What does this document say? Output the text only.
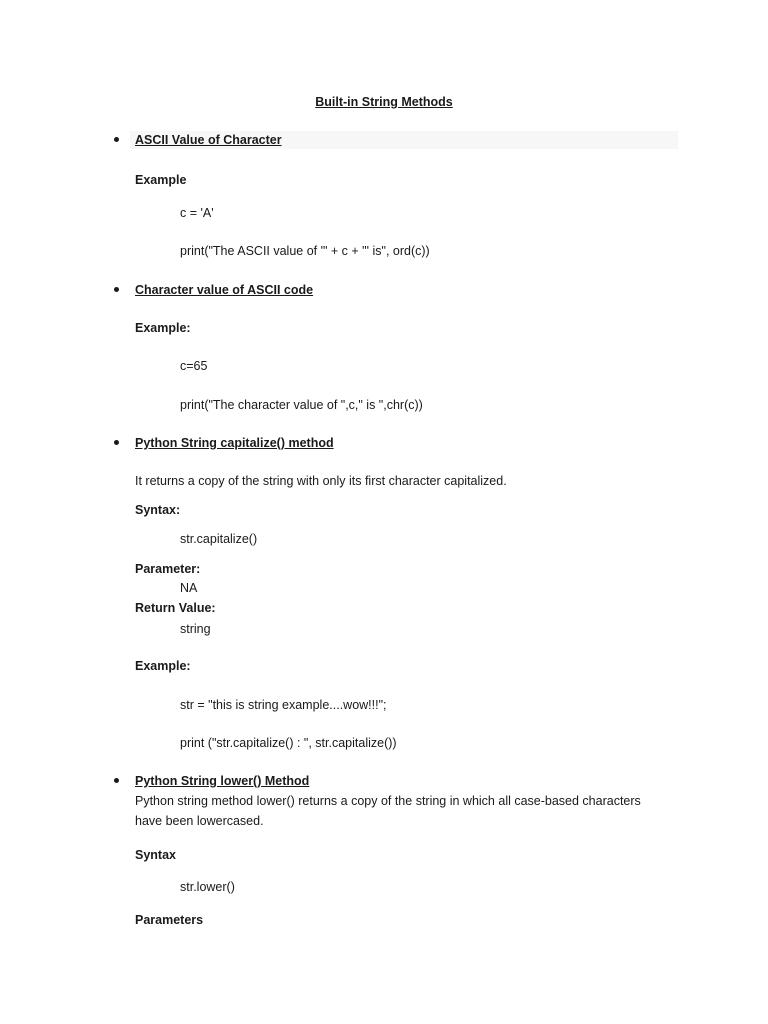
Built-in String Methods
ASCII Value of Character
Example
c = 'A'
print("The ASCII value of '" + c + "' is", ord(c))
Character value of ASCII code
Example:
c=65
print("The character value of ",c," is ",chr(c))
Python String capitalize() method
It returns a copy of the string with only its first character capitalized.
Syntax:
str.capitalize()
Parameter:
NA
Return Value:
string
Example:
str = "this is string example....wow!!!";
print ("str.capitalize() : ", str.capitalize())
Python String lower() Method
Python string method lower() returns a copy of the string in which all case-based characters have been lowercased.
Syntax
str.lower()
Parameters
